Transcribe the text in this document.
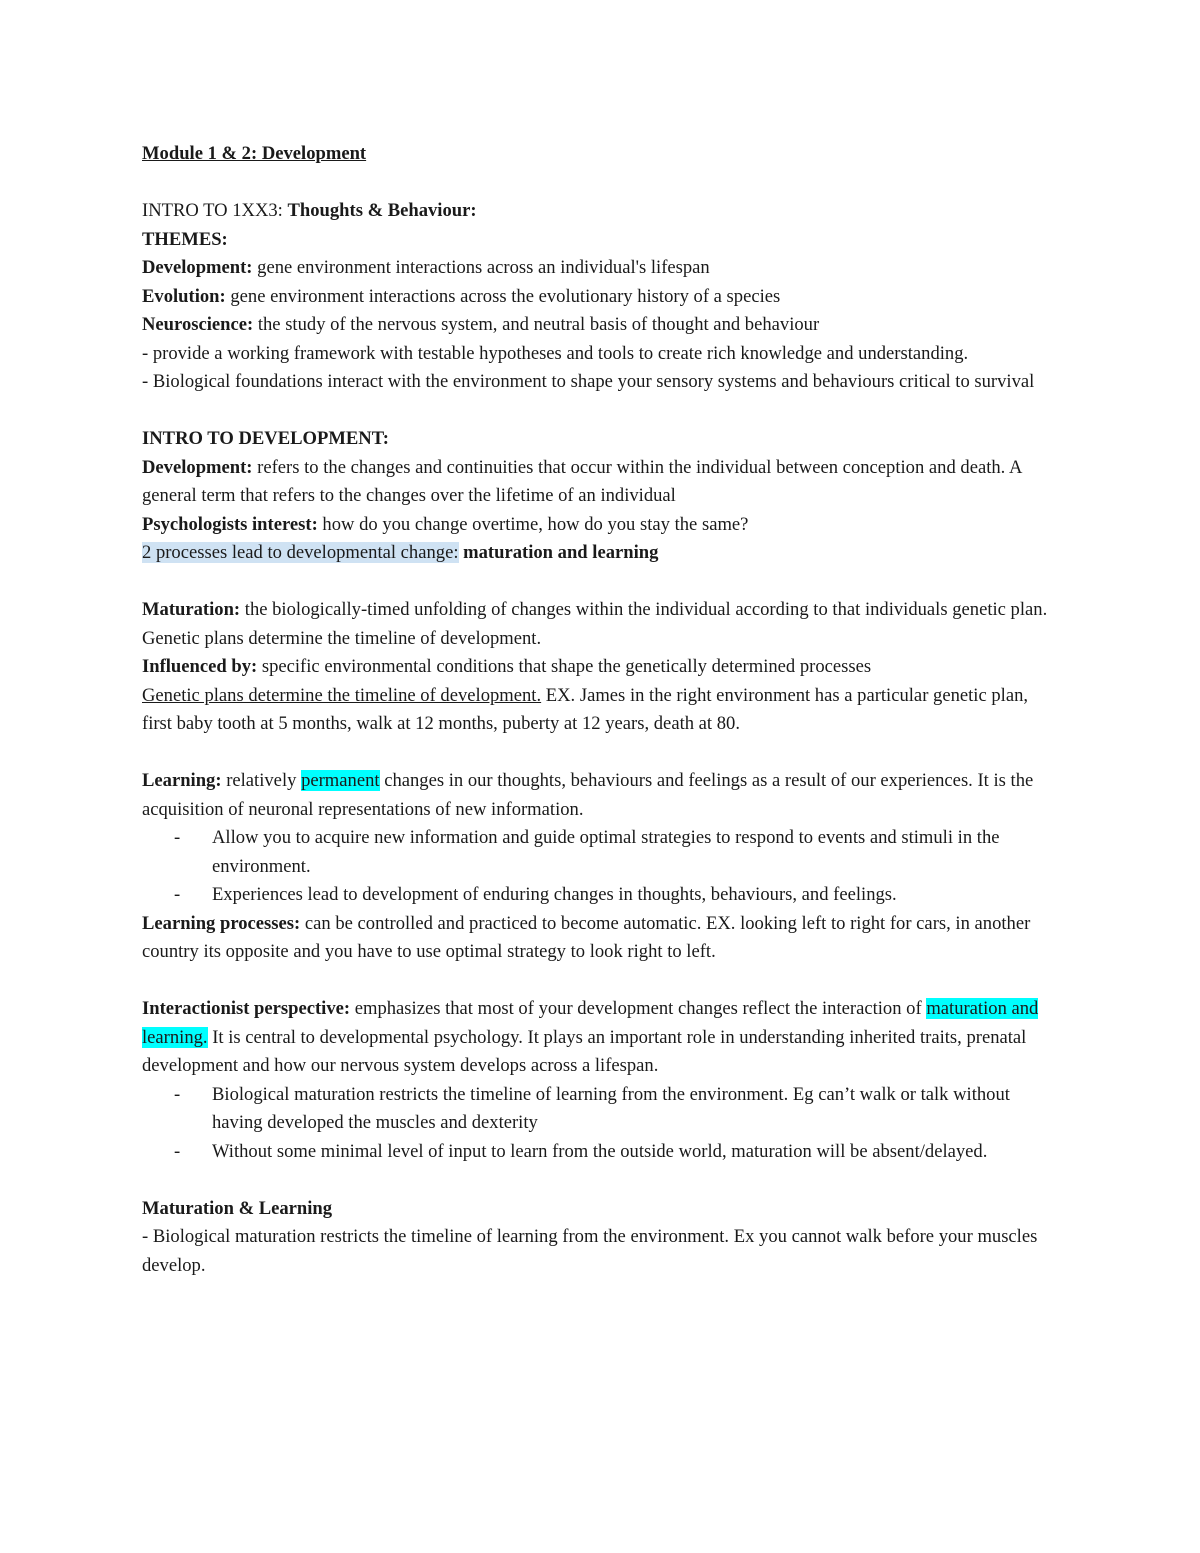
Module 1 & 2: Development

INTRO TO 1XX3: Thoughts & Behaviour:

THEMES:

Development: gene environment interactions across an individual's lifespan

Evolution: gene environment interactions across the evolutionary history of a species

Neuroscience: the study of the nervous system, and neutral basis of thought and behaviour

- provide a working framework with testable hypotheses and tools to create rich knowledge and understanding.

- Biological foundations interact with the environment to shape your sensory systems and behaviours critical to survival

INTRO TO DEVELOPMENT:

Development: refers to the changes and continuities that occur within the individual between conception and death. A general term that refers to the changes over the lifetime of an individual

Psychologists interest: how do you change overtime, how do you stay the same?

2 processes lead to developmental change: maturation and learning

Maturation: the biologically-timed unfolding of changes within the individual according to that individuals genetic plan. Genetic plans determine the timeline of development.

Influenced by: specific environmental conditions that shape the genetically determined processes

Genetic plans determine the timeline of development. EX. James in the right environment has a particular genetic plan, first baby tooth at 5 months, walk at 12 months, puberty at 12 years, death at 80.

Learning: relatively permanent changes in our thoughts, behaviours and feelings as a result of our experiences. It is the acquisition of neuronal representations of new information.

- Allow you to acquire new information and guide optimal strategies to respond to events and stimuli in the environment.
- Experiences lead to development of enduring changes in thoughts, behaviours, and feelings.

Learning processes: can be controlled and practiced to become automatic. EX. looking left to right for cars, in another country its opposite and you have to use optimal strategy to look right to left.

Interactionist perspective: emphasizes that most of your development changes reflect the interaction of maturation and learning. It is central to developmental psychology. It plays an important role in understanding inherited traits, prenatal development and how our nervous system develops across a lifespan.

- Biological maturation restricts the timeline of learning from the environment. Eg can’t walk or talk without having developed the muscles and dexterity
- Without some minimal level of input to learn from the outside world, maturation will be absent/delayed.

Maturation & Learning

- Biological maturation restricts the timeline of learning from the environment. Ex you cannot walk before your muscles develop.
